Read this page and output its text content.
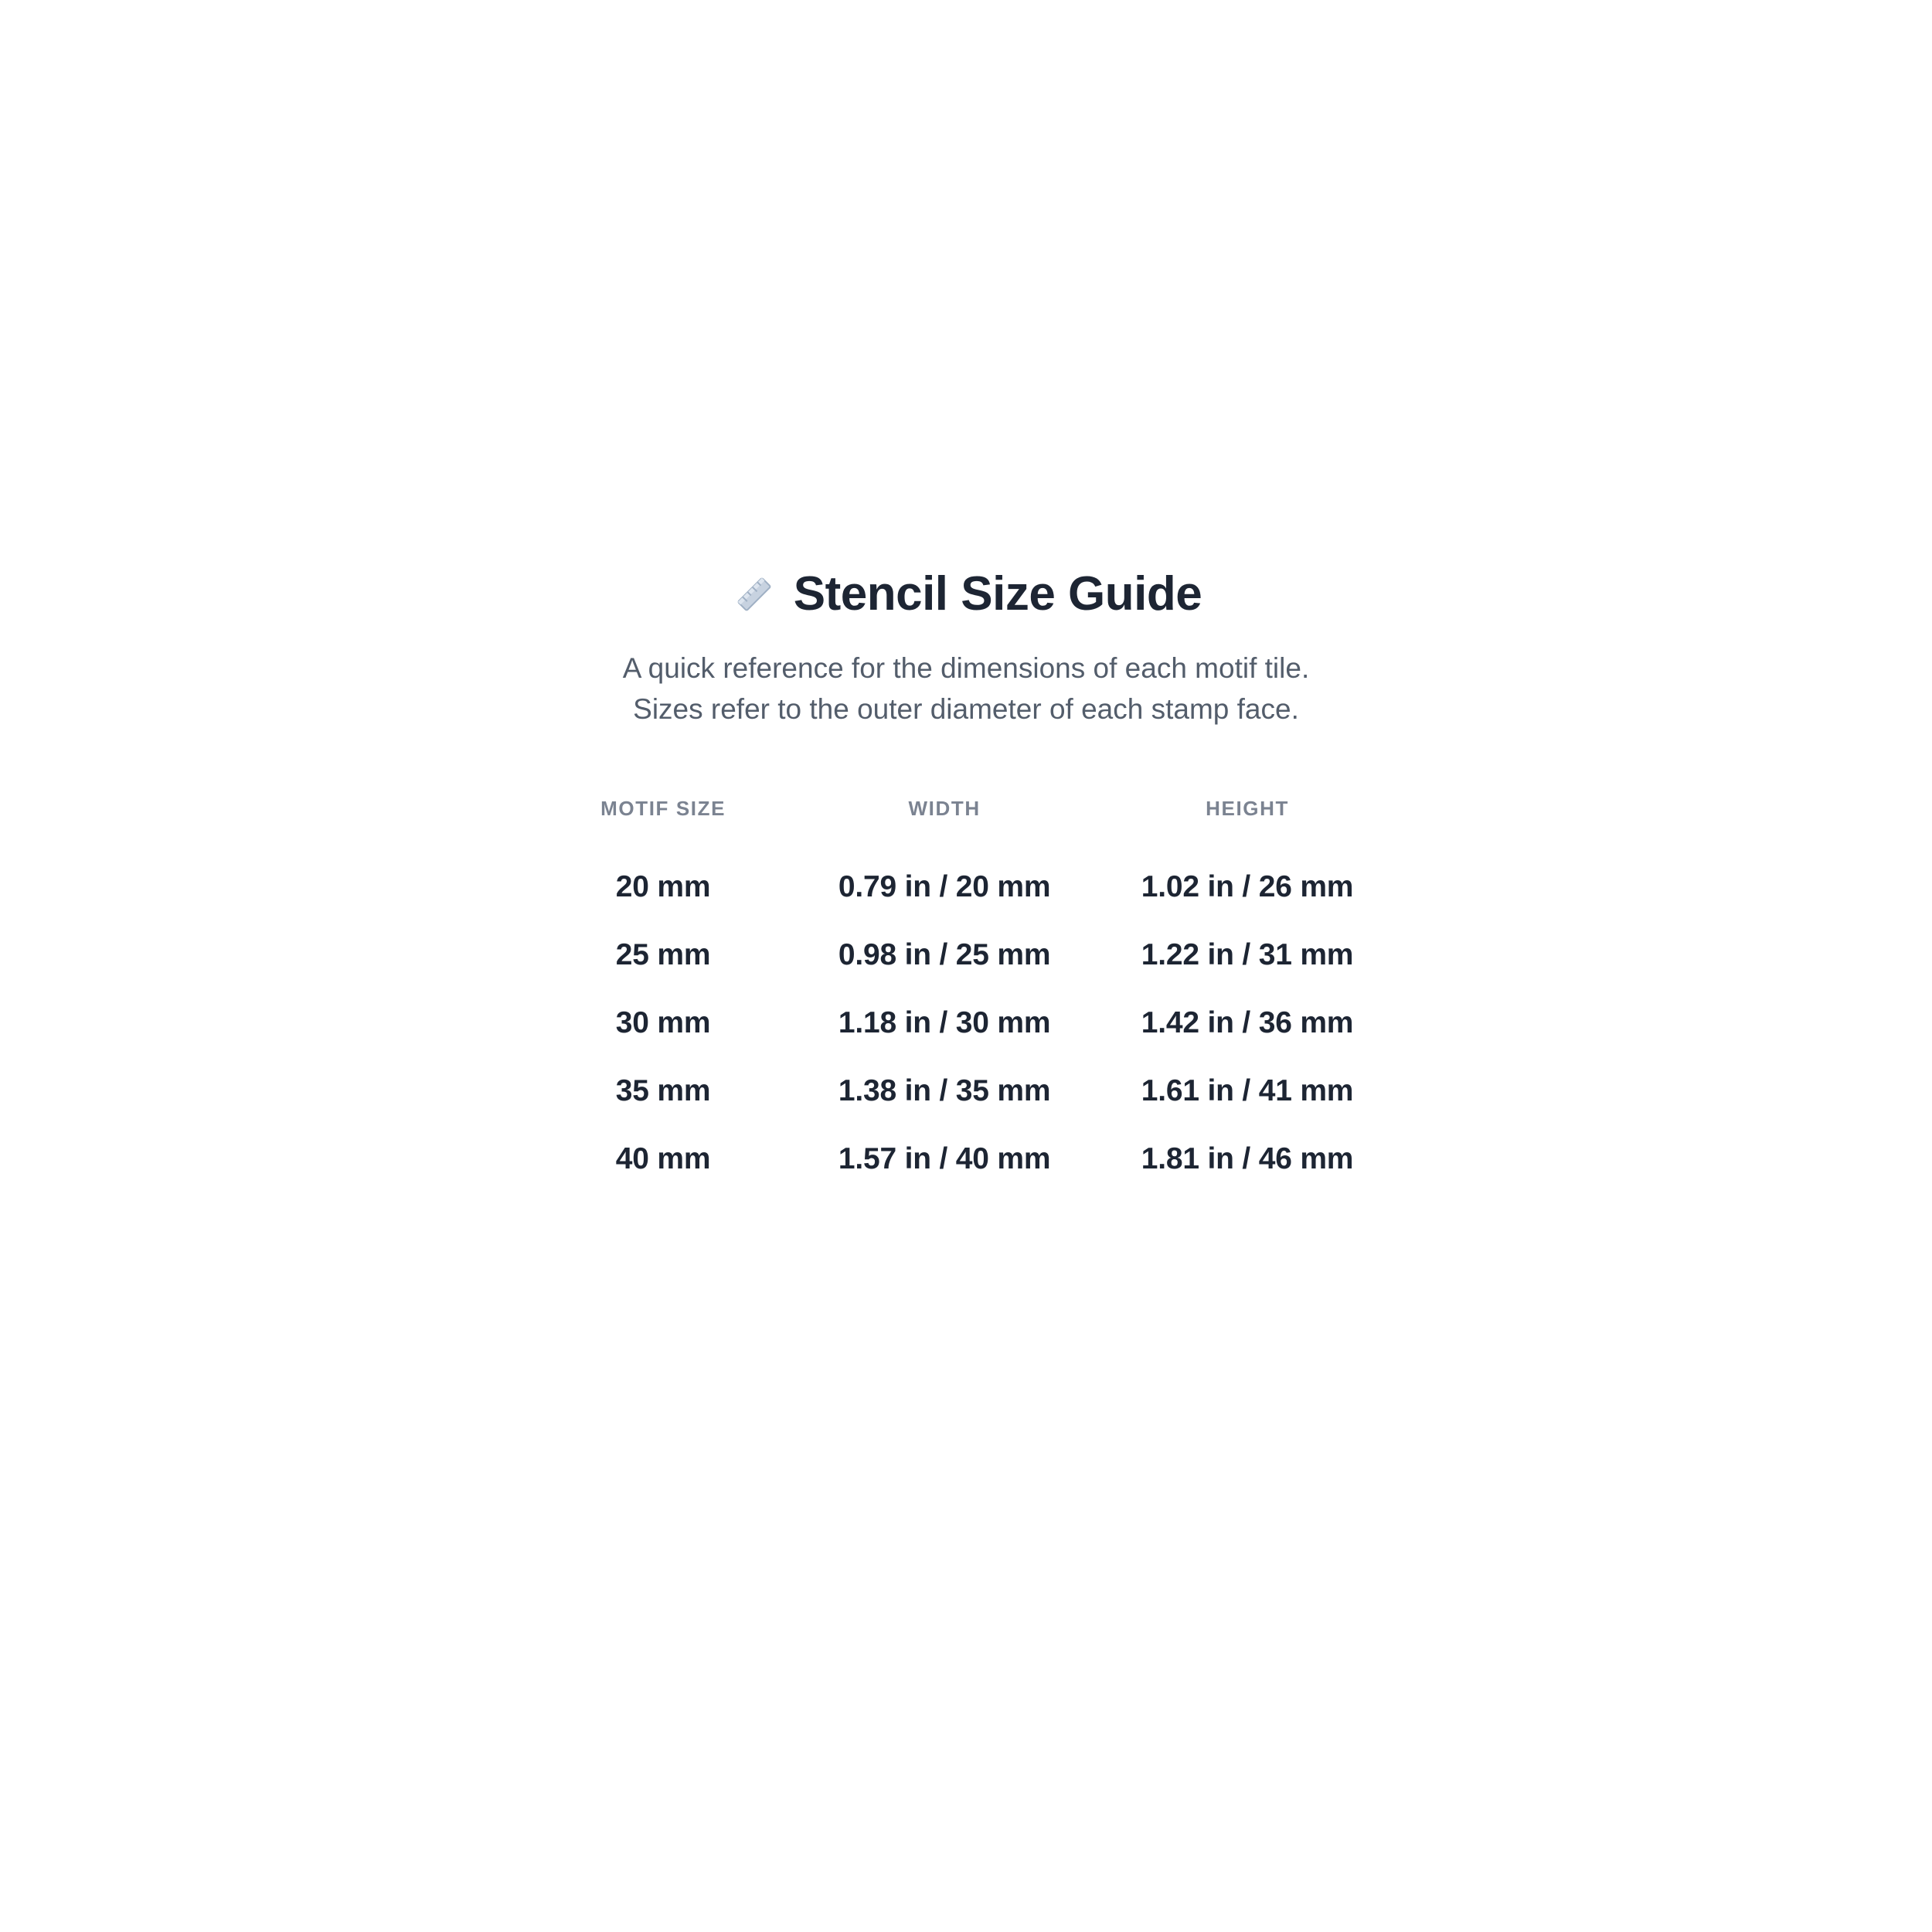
Stencil Size Guide
A quick reference for the dimensions of each motif tile.
Sizes refer to the outer diameter of each stamp face.
MOTIF SIZE	WIDTH	HEIGHT
20 mm	0.79 in / 20 mm	1.02 in / 26 mm
25 mm	0.98 in / 25 mm	1.22 in / 31 mm
30 mm	1.18 in / 30 mm	1.42 in / 36 mm
35 mm	1.38 in / 35 mm	1.61 in / 41 mm
40 mm	1.57 in / 40 mm	1.81 in / 46 mm
